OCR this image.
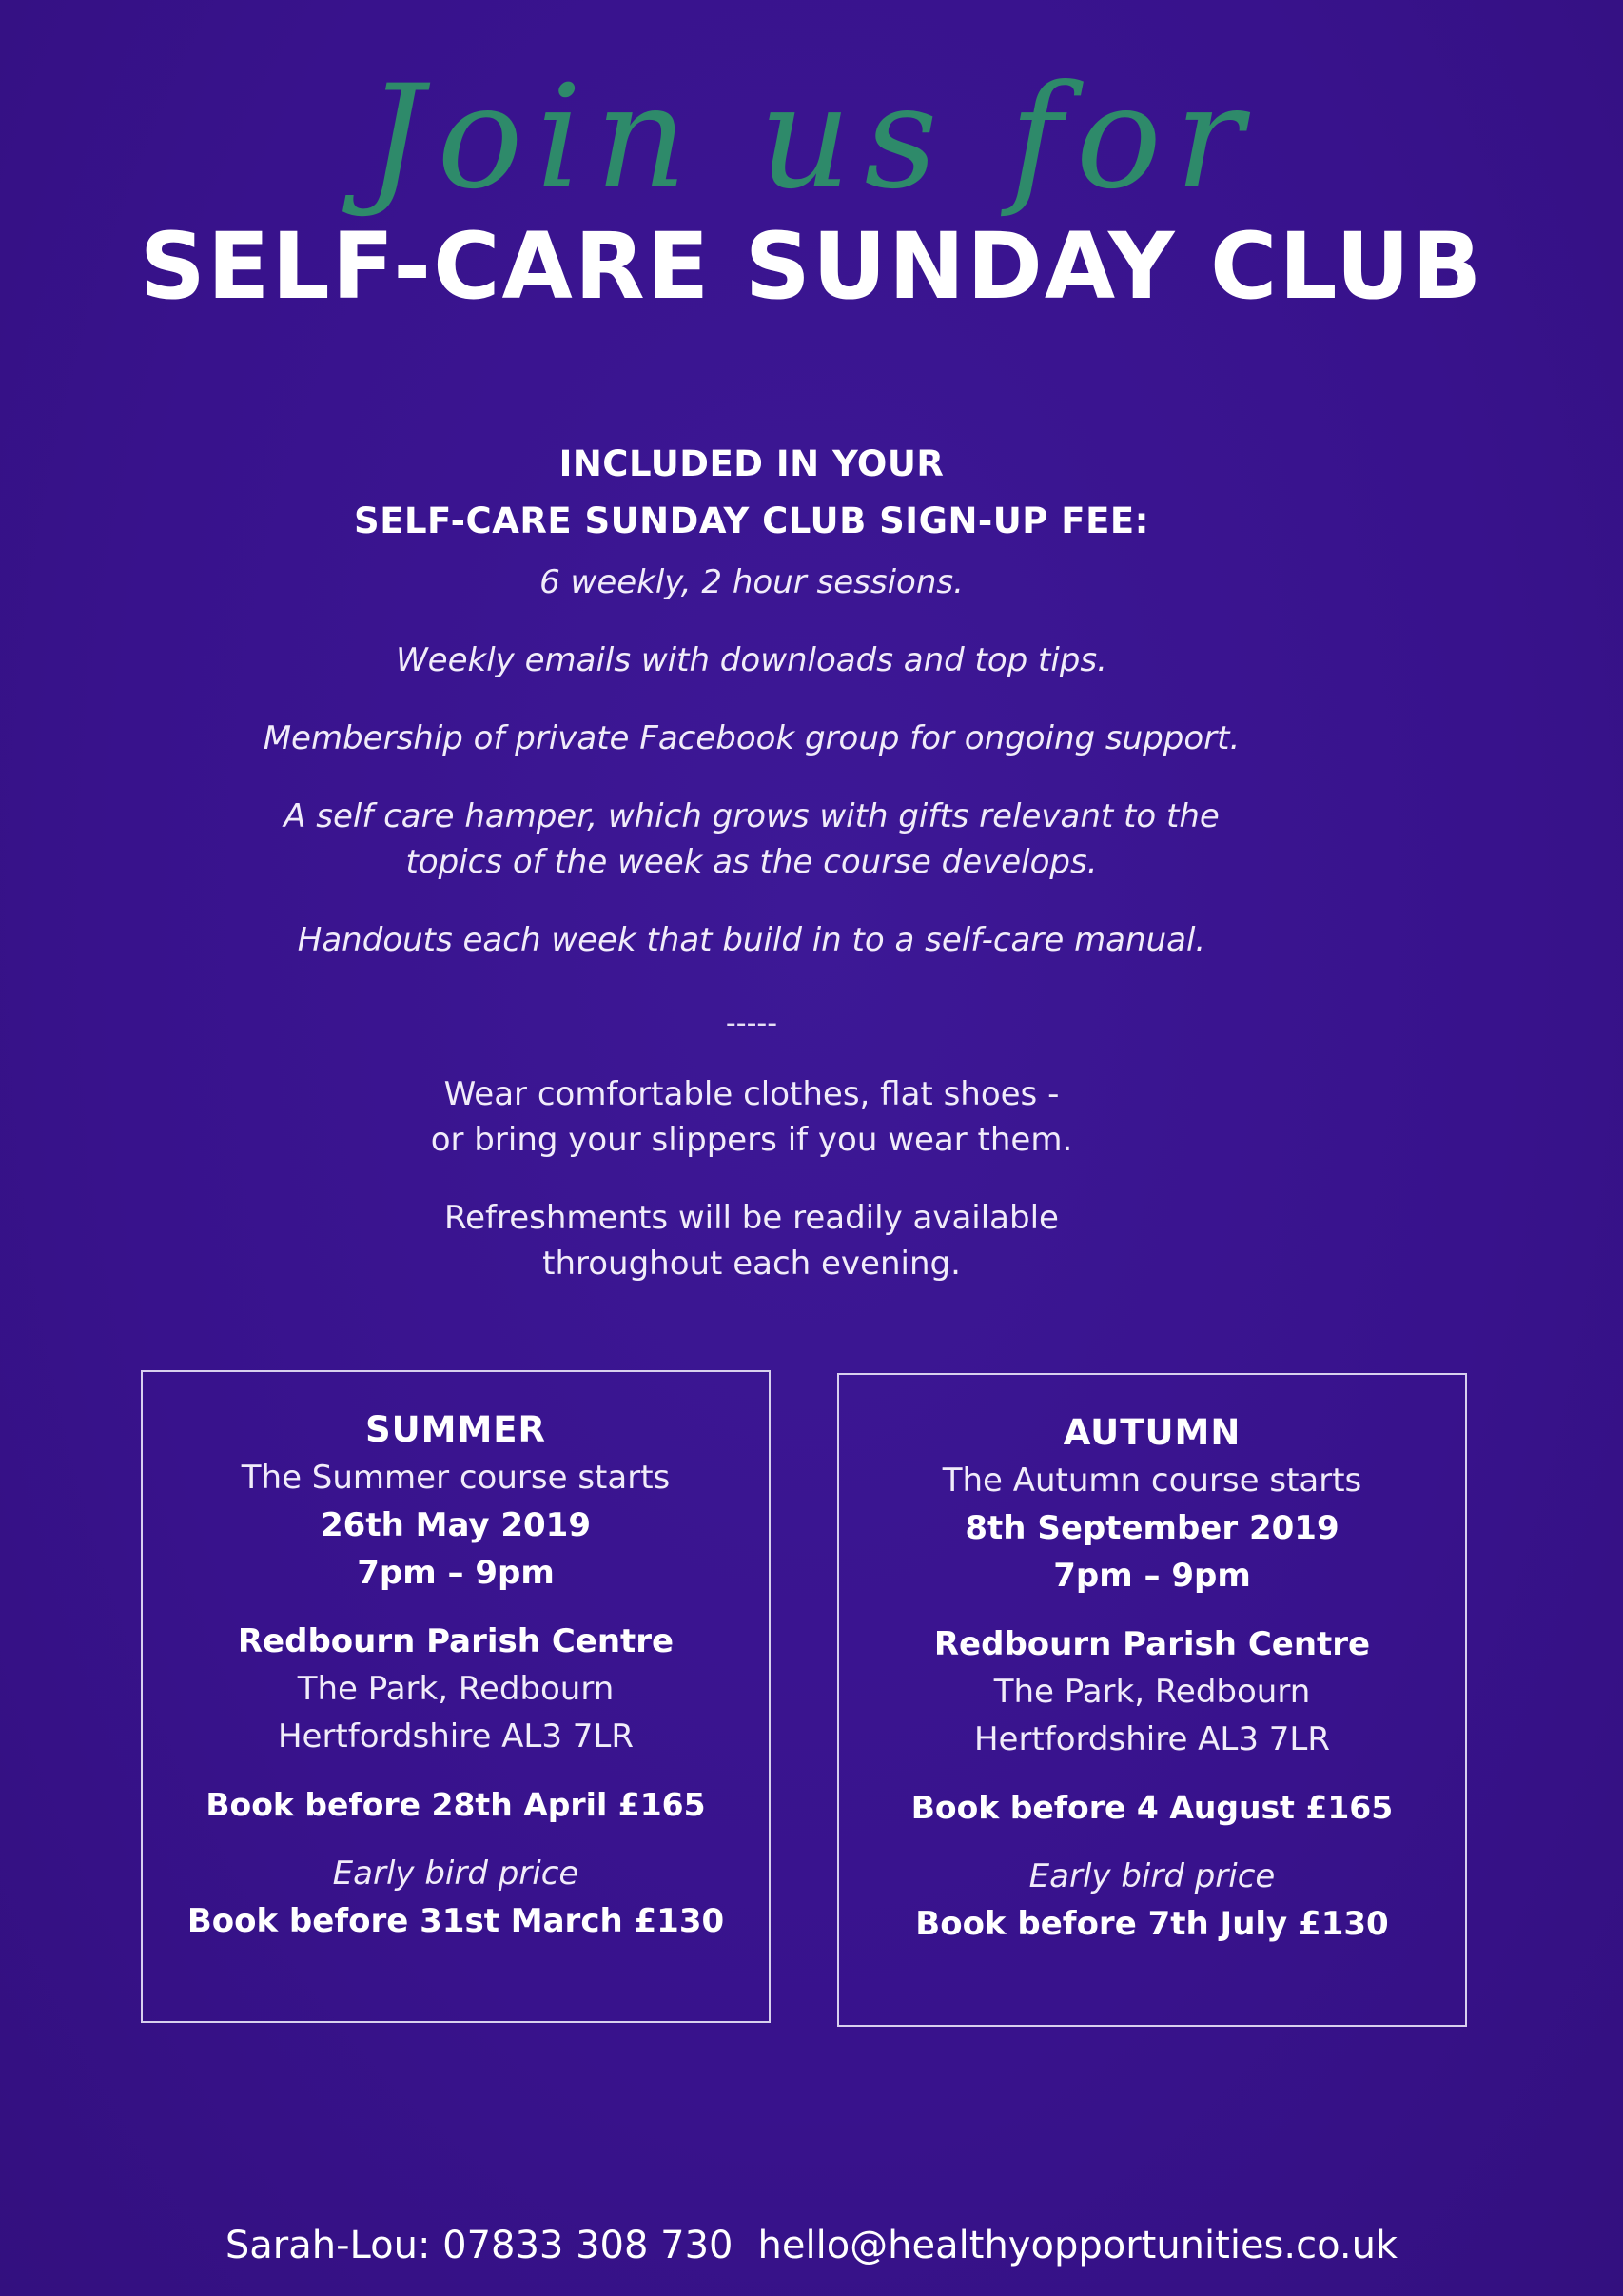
Join us for
SELF-CARE SUNDAY CLUB
INCLUDED IN YOUR
SELF-CARE SUNDAY CLUB SIGN-UP FEE:
6 weekly, 2 hour sessions.
Weekly emails with downloads and top tips.
Membership of private Facebook group for ongoing support.
A self care hamper, which grows with gifts relevant to the
topics of the week as the course develops.
Handouts each week that build in to a self-care manual.
-----
Wear comfortable clothes, flat shoes -
or bring your slippers if you wear them.
Refreshments will be readily available
throughout each evening.
SUMMER
The Summer course starts
26th May 2019
7pm – 9pm
Redbourn Parish Centre
The Park, Redbourn
Hertfordshire AL3 7LR
Book before 28th April £165
Early bird price
Book before 31st March £130
AUTUMN
The Autumn course starts
8th September 2019
7pm – 9pm
Redbourn Parish Centre
The Park, Redbourn
Hertfordshire AL3 7LR
Book before 4 August £165
Early bird price
Book before 7th July £130
Sarah-Lou: 07833 308 730 hello@healthyopportunities.co.uk
